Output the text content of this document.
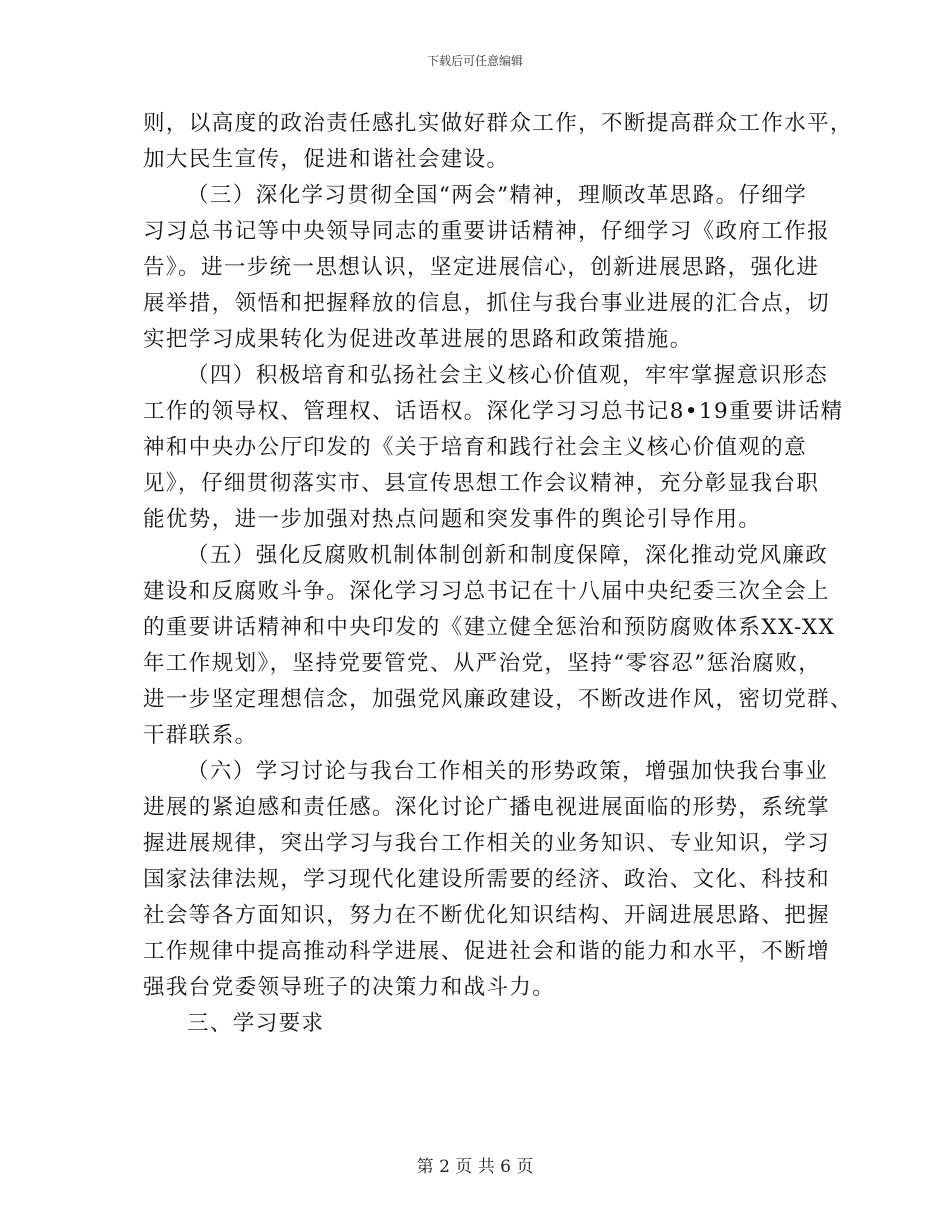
下载后可任意编辑
则，以高度的政治责任感扎实做好群众工作，不断提高群众工作水平，
加大民生宣传，促进和谐社会建设。
（三）深化学习贯彻全国“两会”精神，理顺改革思路。仔细学
习习总书记等中央领导同志的重要讲话精神，仔细学习《政府工作报
告》。进一步统一思想认识，坚定进展信心，创新进展思路，强化进
展举措，领悟和把握释放的信息，抓住与我台事业进展的汇合点，切
实把学习成果转化为促进改革进展的思路和政策措施。
（四）积极培育和弘扬社会主义核心价值观，牢牢掌握意识形态
工作的领导权、管理权、话语权。深化学习习总书记8•19重要讲话精
神和中央办公厅印发的《关于培育和践行社会主义核心价值观的意
见》，仔细贯彻落实市、县宣传思想工作会议精神，充分彰显我台职
能优势，进一步加强对热点问题和突发事件的舆论引导作用。
（五）强化反腐败机制体制创新和制度保障，深化推动党风廉政
建设和反腐败斗争。深化学习习总书记在十八届中央纪委三次全会上
的重要讲话精神和中央印发的《建立健全惩治和预防腐败体系XX-XX
年工作规划》，坚持党要管党、从严治党，坚持“零容忍”惩治腐败，
进一步坚定理想信念，加强党风廉政建设，不断改进作风，密切党群、
干群联系。
（六）学习讨论与我台工作相关的形势政策，增强加快我台事业
进展的紧迫感和责任感。深化讨论广播电视进展面临的形势，系统掌
握进展规律，突出学习与我台工作相关的业务知识、专业知识，学习
国家法律法规，学习现代化建设所需要的经济、政治、文化、科技和
社会等各方面知识，努力在不断优化知识结构、开阔进展思路、把握
工作规律中提高推动科学进展、促进社会和谐的能力和水平，不断增
强我台党委领导班子的决策力和战斗力。
三、学习要求
第 2 页 共 6 页
